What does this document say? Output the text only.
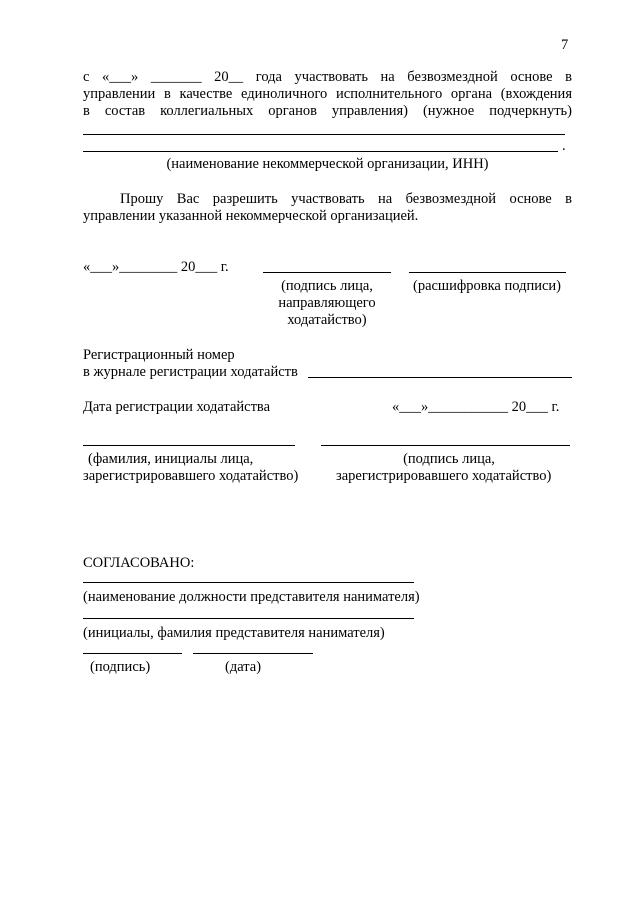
7
с «___» _______ 20__ года участвовать на безвозмездной основе в
управлении в качестве единоличного исполнительного органа (вхождения
в состав коллегиальных органов управления) (нужное подчеркнуть)
.
(наименование некоммерческой организации, ИНН)
Прошу Вас разрешить участвовать на безвозмездной основе в
управлении указанной некоммерческой организацией.
«___»________ 20___ г.
(подпись лица,
направляющего
ходатайство)
(расшифровка подписи)
Регистрационный номер
в журнале регистрации ходатайств
Дата регистрации ходатайства	«___»___________ 20___ г.
(фамилия, инициалы лица,
зарегистрировавшего ходатайство)
(подпись лица,
зарегистрировавшего ходатайство)
СОГЛАСОВАНО:
(наименование должности представителя нанимателя)
(инициалы, фамилия представителя нанимателя)
(подпись)	(дата)
